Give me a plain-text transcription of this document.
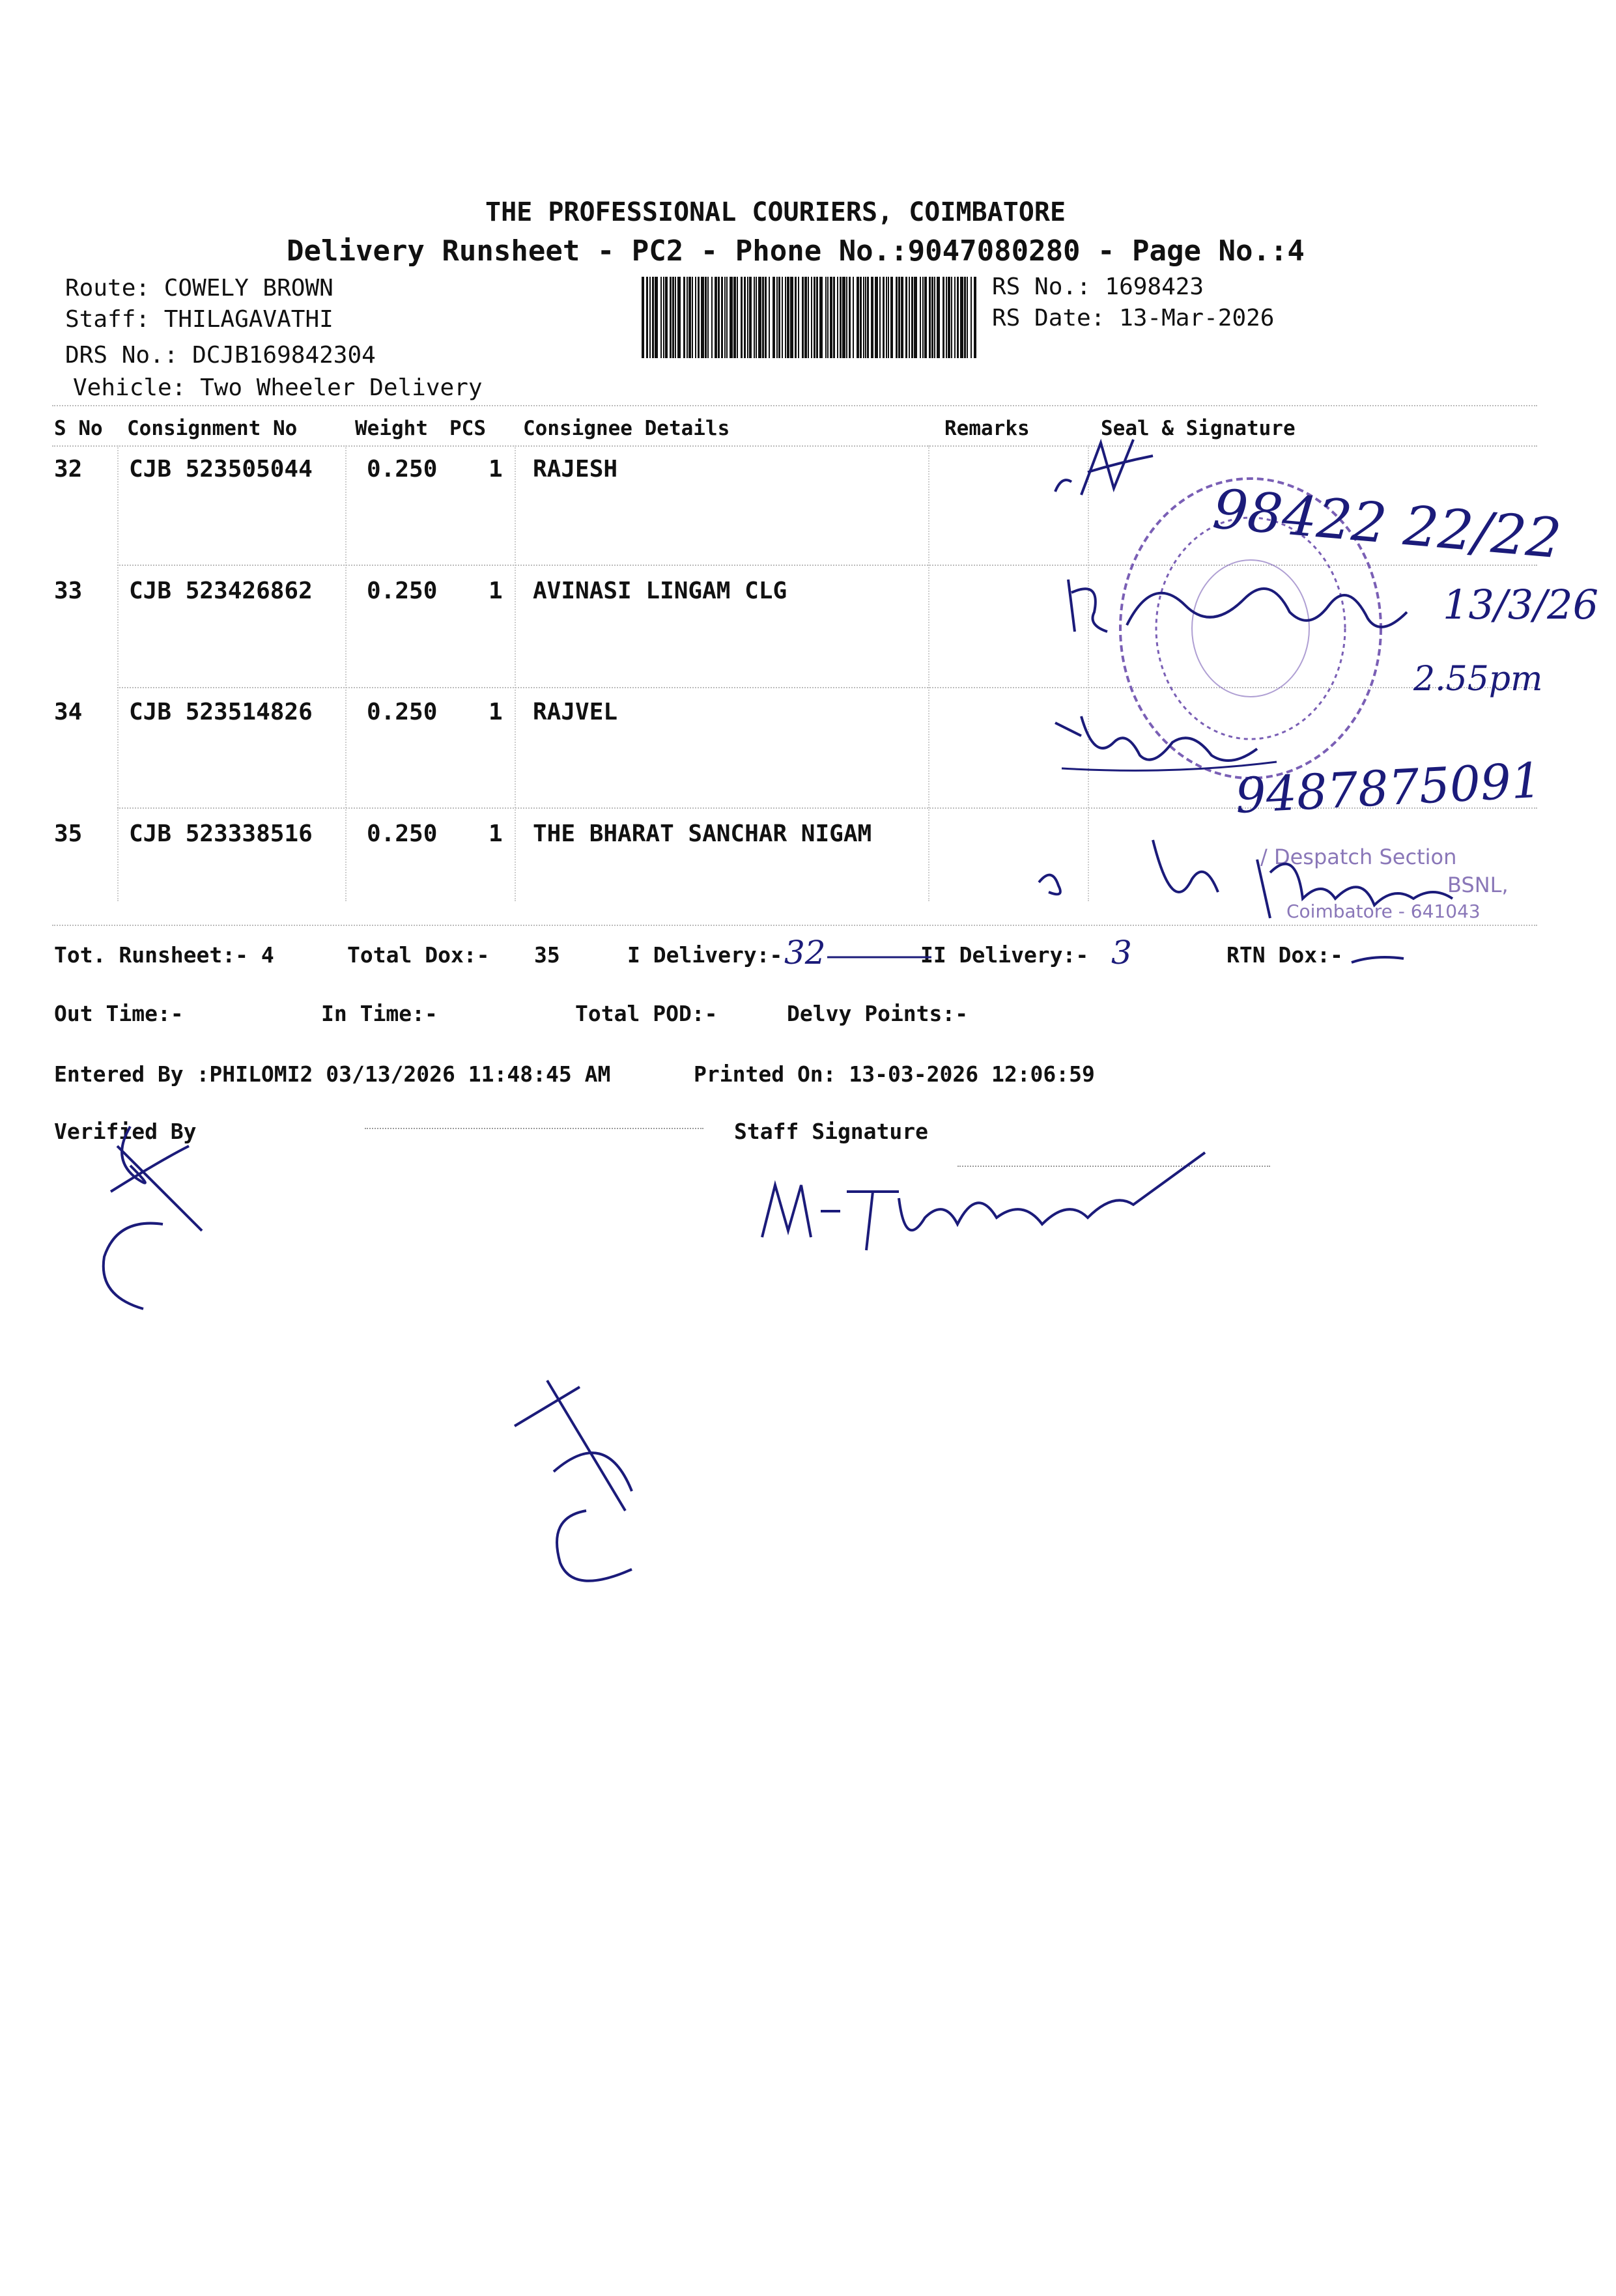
THE PROFESSIONAL COURIERS, COIMBATORE
Delivery Runsheet - PC2 - Phone No.:9047080280 - Page No.:4
Route: COWELY BROWN
Staff: THILAGAVATHI
DRS No.: DCJB169842304
Vehicle: Two Wheeler Delivery
RS No.: 1698423
RS Date: 13-Mar-2026
S No Consignment No	Weight PCS Consignee Details	Remarks	Seal & Signature
32 CJB 523505044 0.250 1 RAJESH
33 CJB 523426862 0.250 1 AVINASI LINGAM CLG
34 CJB 523514826 0.250 1 RAJVEL
35 CJB 523338516 0.250 1 THE BHARAT SANCHAR NIGAM
Tot. Runsheet:- 4	Total Dox:- 35	I Delivery:-	II Delivery:-	RTN Dox:-
Out Time:-	In Time:-	Total POD:-	Delvy Points:-
Entered By :PHILOMI2 03/13/2026 11:48:45 AM	Printed On: 13-03-2026 12:06:59
Verified By	Staff Signature
32	3
/ Despatch Section
BSNL,
Coimbatore - 641043
98422 22/22
13/3/26
2.55pm
9487875091
